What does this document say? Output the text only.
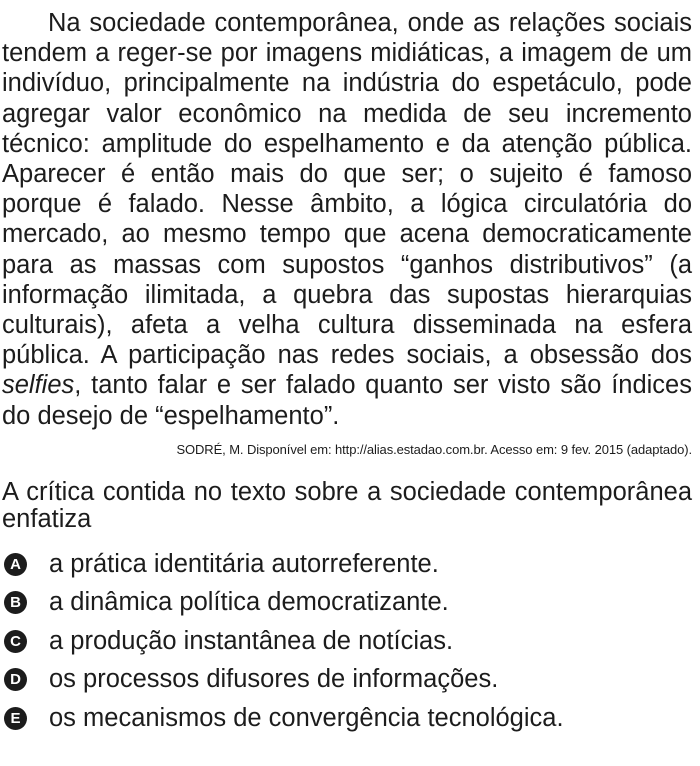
Na sociedade contemporânea, onde as relações sociais tendem a reger-se por imagens midiáticas, a imagem de um indivíduo, principalmente na indústria do espetáculo, pode agregar valor econômico na medida de seu incremento técnico: amplitude do espelhamento e da atenção pública. Aparecer é então mais do que ser; o sujeito é famoso porque é falado. Nesse âmbito, a lógica circulatória do mercado, ao mesmo tempo que acena democraticamente para as massas com supostos “ganhos distributivos” (a informação ilimitada, a quebra das supostas hierarquias culturais), afeta a velha cultura disseminada na esfera pública. A participação nas redes sociais, a obsessão dos selfies, tanto falar e ser falado quanto ser visto são índices do desejo de “espelhamento”.

SODRÉ, M. Disponível em: http://alias.estadao.com.br. Acesso em: 9 fev. 2015 (adaptado).

A crítica contida no texto sobre a sociedade contemporânea enfatiza

A a prática identitária autorreferente.
B a dinâmica política democratizante.
C a produção instantânea de notícias.
D os processos difusores de informações.
E os mecanismos de convergência tecnológica.
